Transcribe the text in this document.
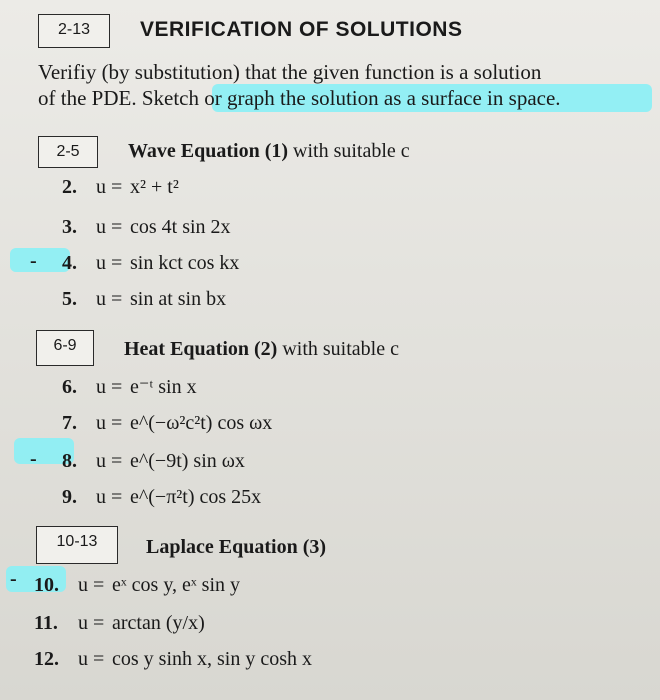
2-13	VERIFICATION OF SOLUTIONS
Verifiy (by substitution) that the given function is a solution
of the PDE. Sketch or graph the solution as a surface in space.
2-5	Wave Equation (1) with suitable c
2. u = x² + t²
3. u = cos 4t sin 2x
- 4. u = sin kct cos kx
5. u = sin at sin bx
6-9	Heat Equation (2) with suitable c
6. u = e⁻ᵗ sin x
7. u = e^(−ω²c²t) cos ωx
- 8. u = e^(−9t) sin ωx
9. u = e^(−π²t) cos 25x
10-13	Laplace Equation (3)
- 10. u = eˣ cos y, eˣ sin y
11. u = arctan (y/x)
12. u = cos y sinh x, sin y cosh x
